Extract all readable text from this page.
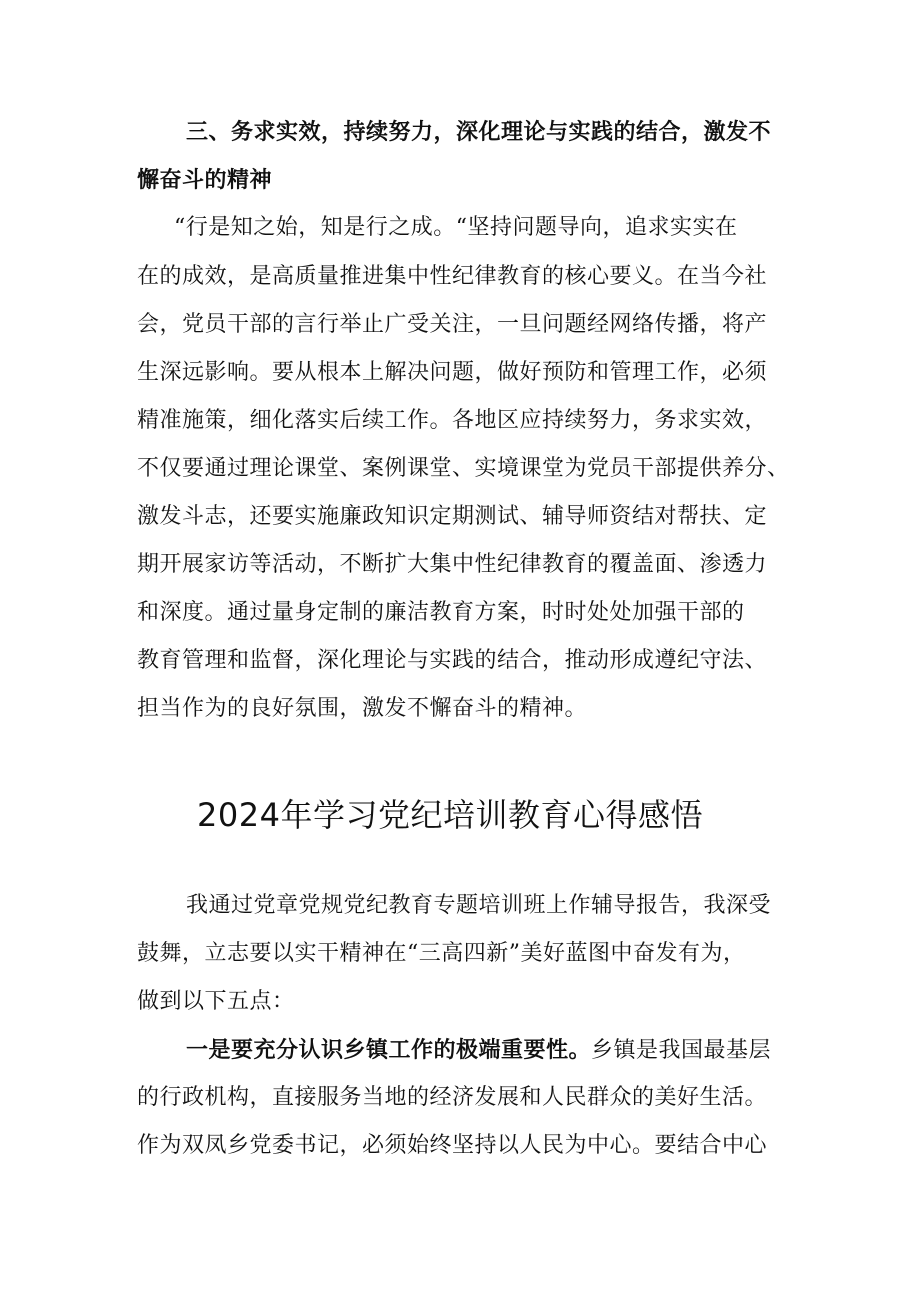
三、务求实效，持续努力，深化理论与实践的结合，激发不
懈奋斗的精神
“行是知之始，知是行之成。“坚持问题导向，追求实实在
在的成效，是高质量推进集中性纪律教育的核心要义。在当今社
会，党员干部的言行举止广受关注，一旦问题经网络传播，将产
生深远影响。要从根本上解决问题，做好预防和管理工作，必须
精准施策，细化落实后续工作。各地区应持续努力，务求实效，
不仅要通过理论课堂、案例课堂、实境课堂为党员干部提供养分、
激发斗志，还要实施廉政知识定期测试、辅导师资结对帮扶、定
期开展家访等活动，不断扩大集中性纪律教育的覆盖面、渗透力
和深度。通过量身定制的廉洁教育方案，时时处处加强干部的
教育管理和监督，深化理论与实践的结合，推动形成遵纪守法、
担当作为的良好氛围，激发不懈奋斗的精神。
2024年学习党纪培训教育心得感悟
我通过党章党规党纪教育专题培训班上作辅导报告，我深受
鼓舞，立志要以实干精神在“三高四新”美好蓝图中奋发有为，
做到以下五点：
一是要充分认识乡镇工作的极端重要性。乡镇是我国最基层
的行政机构，直接服务当地的经济发展和人民群众的美好生活。
作为双凤乡党委书记，必须始终坚持以人民为中心。要结合中心
